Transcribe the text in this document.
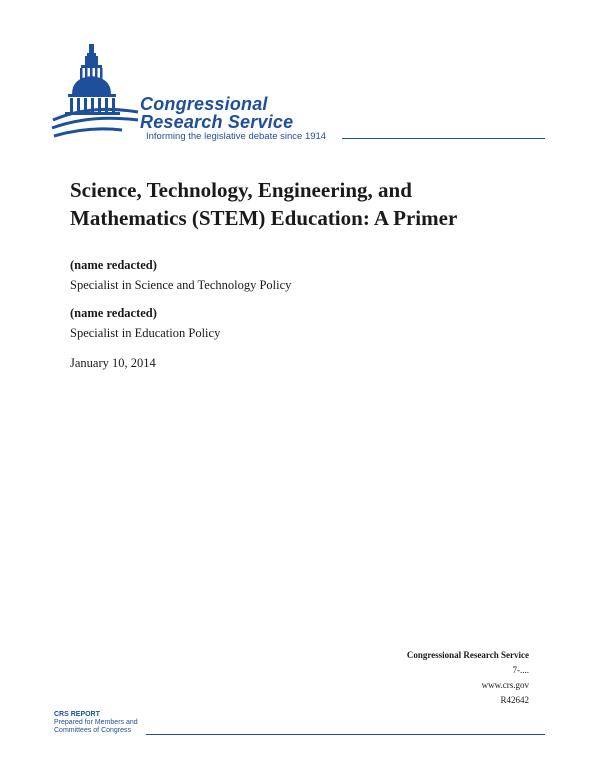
Congressional
Research Service
Informing the legislative debate since 1914
Science, Technology, Engineering, and
Mathematics (STEM) Education: A Primer
(name redacted)
Specialist in Science and Technology Policy
(name redacted)
Specialist in Education Policy
January 10, 2014
Congressional Research Service
7-....
www.crs.gov
R42642
CRS REPORT
Prepared for Members and
Committees of Congress
